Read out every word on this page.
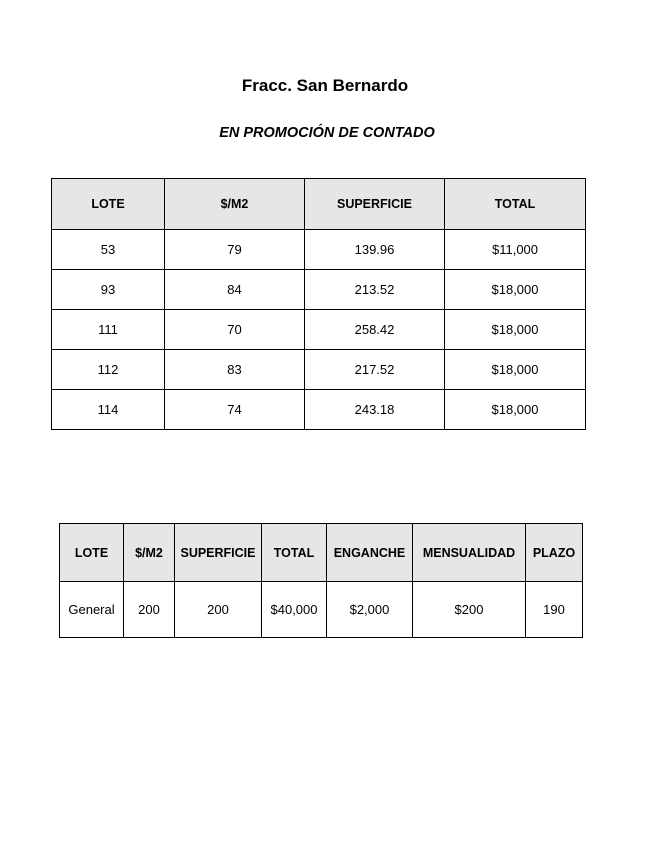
Fracc. San Bernardo
EN PROMOCIÓN DE CONTADO
LOTE	$/M2	SUPERFICIE	TOTAL
53	79	139.96	$11,000
93	84	213.52	$18,000
111	70	258.42	$18,000
112	83	217.52	$18,000
114	74	243.18	$18,000
LOTE	$/M2	SUPERFICIE	TOTAL	ENGANCHE	MENSUALIDAD	PLAZO
General	200	200	$40,000	$2,000	$200	190
